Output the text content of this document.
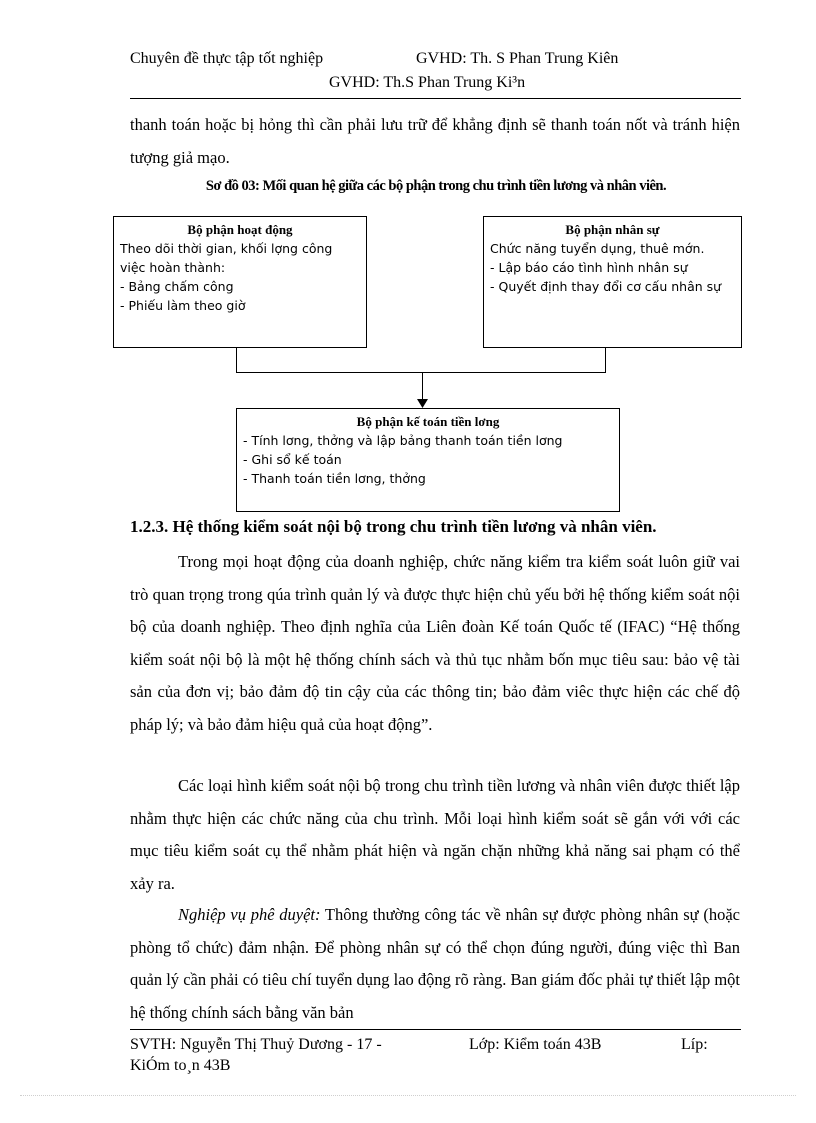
Chuyên đề thực tập tốt nghiệp	GVHD: Th. S Phan Trung Kiên
GVHD: Th.S Phan Trung Ki³n
thanh toán hoặc bị hỏng thì cần phải lưu trữ để khẳng định sẽ thanh toán nốt và tránh hiện tượng giả mạo.
Sơ đồ 03: Mối quan hệ giữa các bộ phận trong chu trình tiền lương và nhân viên.
Bộ phận hoạt động
Theo dõi thời gian, khối lợng công việc hoàn thành:
- Bảng chấm công
- Phiếu làm theo giờ
Bộ phận nhân sự
Chức năng tuyển dụng, thuê mớn.
- Lập báo cáo tình hình nhân sự
- Quyết định thay đổi cơ cấu nhân sự
Bộ phận kế toán tiền lơng
- Tính lơng, thởng và lập bảng thanh toán tiền lơng
- Ghi sổ kế toán
- Thanh toán tiền lơng, thởng
1.2.3. Hệ thống kiểm soát nội bộ trong chu trình tiền lương và nhân viên.
Trong mọi hoạt động của doanh nghiệp, chức năng kiểm tra kiểm soát luôn giữ vai trò quan trọng trong qúa trình quản lý và được thực hiện chủ yếu bởi hệ thống kiểm soát nội bộ của doanh nghiệp. Theo định nghĩa của Liên đoàn Kế toán Quốc tế (IFAC) “Hệ thống kiểm soát nội bộ là một hệ thống chính sách và thủ tục nhằm bốn mục tiêu sau: bảo vệ tài sản của đơn vị; bảo đảm độ tin cậy của các thông tin; bảo đảm viêc thực hiện các chế độ pháp lý; và bảo đảm hiệu quả của hoạt động”.
Các loại hình kiểm soát nội bộ trong chu trình tiền lương và nhân viên được thiết lập nhằm thực hiện các chức năng của chu trình. Mỗi loại hình kiểm soát sẽ gắn với với các mục tiêu kiểm soát cụ thể nhằm phát hiện và ngăn chặn những khả năng sai phạm có thể xảy ra.
Nghiệp vụ phê duyệt: Thông thường công tác về nhân sự được phòng nhân sự (hoặc phòng tổ chức) đảm nhận. Để phòng nhân sự có thể chọn đúng người, đúng việc thì Ban quản lý cần phải có tiêu chí tuyển dụng lao động rõ ràng. Ban giám đốc phải tự thiết lập một hệ thống chính sách bằng văn bản
SVTH: Nguyễn Thị Thuỷ Dương - 17 -	Lớp: Kiểm toán 43B	Líp:
KiÓm to¸n 43B
